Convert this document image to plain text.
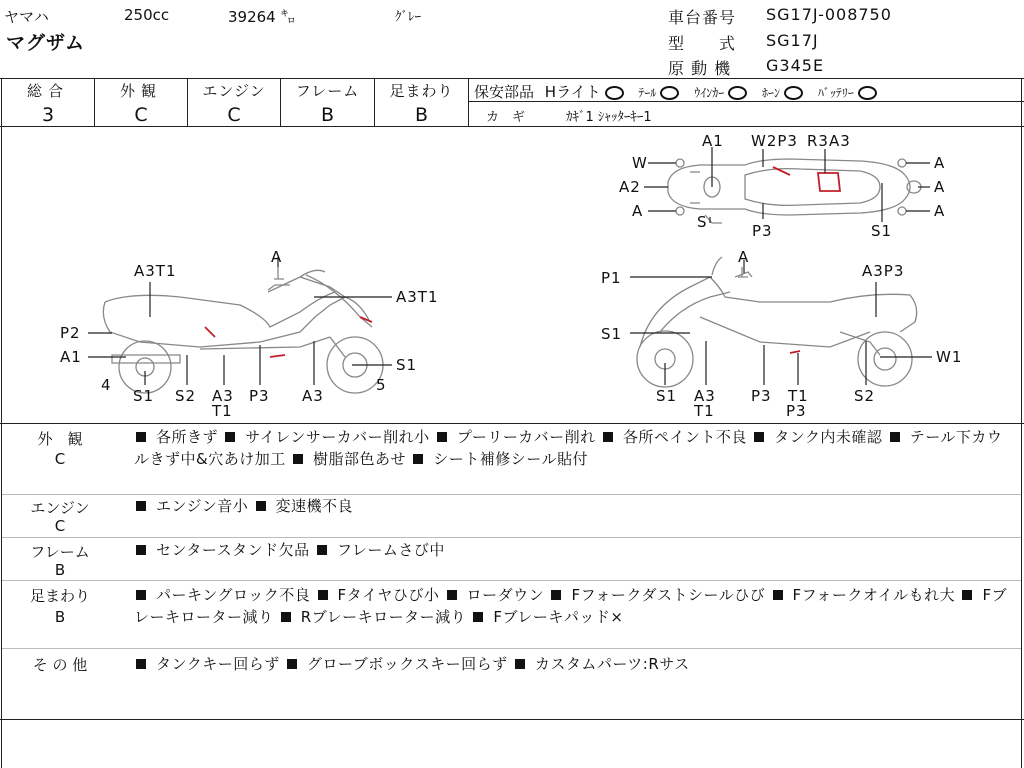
ヤマハ	250cc	39264 ㌔	ｸﾞﾚｰ
マグザム
車台番号 SG17J-008750
型　　式 SG17J
原 動 機 G345E
総合
3
外観
C
エンジン
C
フレーム
B
足まわり
B
保安部品 Hライト	ﾃｰﾙ	ｳｲﾝｶｰ	ﾎｰﾝ	ﾊﾞｯﾃﾘｰ
カ　ギ	ｶｷﾞ1 ｼｬｯﾀｰｷｰ1
W
A2
A
A1
S
W2P3 R3A3
P3
A
A
A
S1
A3T1
A
A3T1
P2
A1
4
S1 S2 A3
T1
P3 A3
S1
5
P1
A
A3P3
S1
W1
S1 A3
T1
P3 T1
P3
S2
外　観
C
各所きず サイレンサーカバー削れ小 プーリーカバー削れ 各所ペイント不良 タンク内未確認 テール下カウルきず中&穴あけ加工 樹脂部色あせ シート補修シール貼付
エンジン
C
エンジン音小 変速機不良
フレーム
B
センタースタンド欠品 フレームさび中
足まわり
B
パーキングロック不良 Fタイヤひび小 ローダウン Fフォークダストシールひび Fフォークオイルもれ大 Fブレーキローター減り Rブレーキローター減り Fブレーキパッド×
そ の 他	タンクキー回らず グローブボックスキー回らず カスタムパーツ:Rサス
